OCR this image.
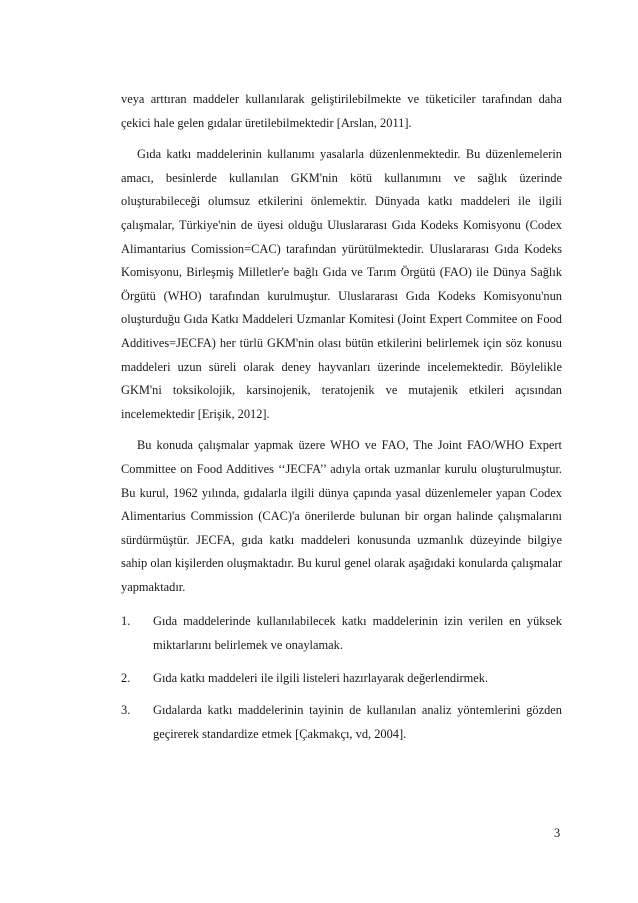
veya arttıran maddeler kullanılarak geliştirilebilmekte ve tüketiciler tarafından daha çekici hale gelen gıdalar üretilebilmektedir [Arslan, 2011].

Gıda katkı maddelerinin kullanımı yasalarla düzenlenmektedir. Bu düzenlemelerin amacı, besinlerde kullanılan GKM'nin kötü kullanımını ve sağlık üzerinde oluşturabileceği olumsuz etkilerini önlemektir. Dünyada katkı maddeleri ile ilgili çalışmalar, Türkiye'nin de üyesi olduğu Uluslararası Gıda Kodeks Komisyonu (Codex Alimantarius Comission=CAC) tarafından yürütülmektedir. Uluslararası Gıda Kodeks Komisyonu, Birleşmiş Milletler'e bağlı Gıda ve Tarım Örgütü (FAO) ile Dünya Sağlık Örgütü (WHO) tarafından kurulmuştur. Uluslararası Gıda Kodeks Komisyonu'nun oluşturduğu Gıda Katkı Maddeleri Uzmanlar Komitesi (Joint Expert Commitee on Food Additives=JECFA) her türlü GKM'nin olası bütün etkilerini belirlemek için söz konusu maddeleri uzun süreli olarak deney hayvanları üzerinde incelemektedir. Böylelikle GKM'ni toksikolojik, karsinojenik, teratojenik ve mutajenik etkileri açısından incelemektedir [Erişik, 2012].

Bu konuda çalışmalar yapmak üzere WHO ve FAO, The Joint FAO/WHO Expert Committee on Food Additives ‘‘JECFA’’ adıyla ortak uzmanlar kurulu oluşturulmuştur. Bu kurul, 1962 yılında, gıdalarla ilgili dünya çapında yasal düzenlemeler yapan Codex Alimentarius Commission (CAC)'a önerilerde bulunan bir organ halinde çalışmalarını sürdürmüştür. JECFA, gıda katkı maddeleri konusunda uzmanlık düzeyinde bilgiye sahip olan kişilerden oluşmaktadır. Bu kurul genel olarak aşağıdaki konularda çalışmalar yapmaktadır.

1. Gıda maddelerinde kullanılabilecek katkı maddelerinin izin verilen en yüksek miktarlarını belirlemek ve onaylamak.
2. Gıda katkı maddeleri ile ilgili listeleri hazırlayarak değerlendirmek.
3. Gıdalarda katkı maddelerinin tayinin de kullanılan analiz yöntemlerini gözden geçirerek standardize etmek [Çakmakçı, vd, 2004].
3
